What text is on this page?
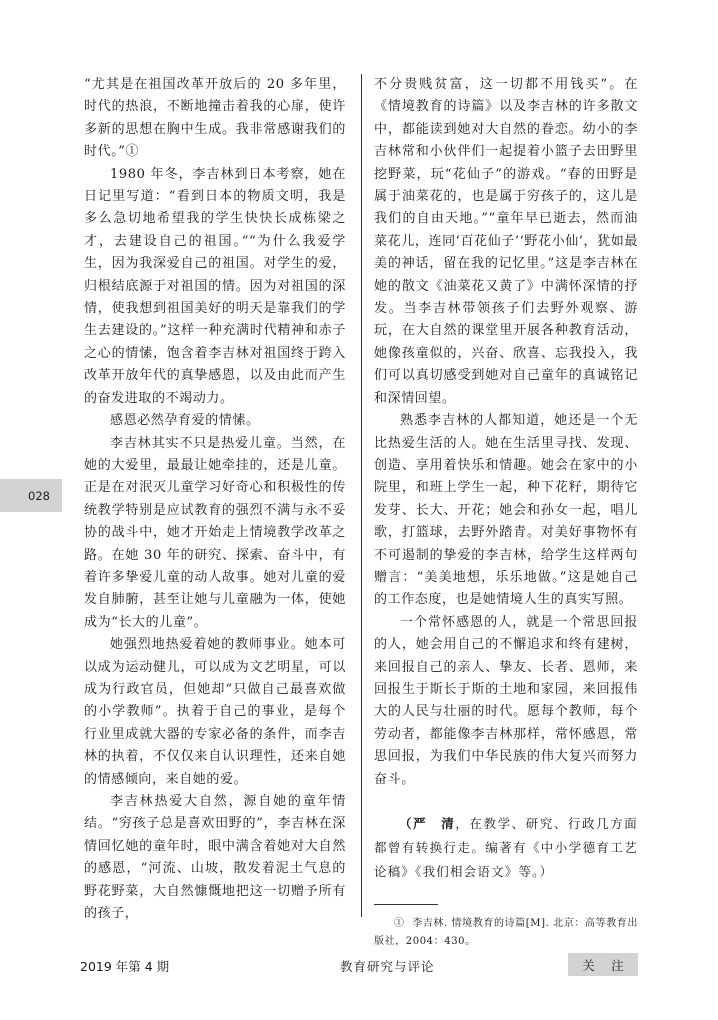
028

“尤其是在祖国改革开放后的 20 多年里，时代的热浪，不断地撞击着我的心扉，使许多新的思想在胸中生成。我非常感谢我们的时代。”①

1980 年冬，李吉林到日本考察，她在日记里写道：“看到日本的物质文明，我是多么急切地希望我的学生快快长成栋梁之才，去建设自己的祖国。”“为什么我爱学生，因为我深爱自己的祖国。对学生的爱，归根结底源于对祖国的情。因为对祖国的深情，使我想到祖国美好的明天是靠我们的学生去建设的。”这样一种充满时代精神和赤子之心的情愫，饱含着李吉林对祖国终于跨入改革开放年代的真挚感恩，以及由此而产生的奋发进取的不竭动力。

感恩必然孕育爱的情愫。

李吉林其实不只是热爱儿童。当然，在她的大爱里，最最让她牵挂的，还是儿童。正是在对泯灭儿童学习好奇心和积极性的传统教学特别是应试教育的强烈不满与永不妥协的战斗中，她才开始走上情境教学改革之路。在她 30 年的研究、探索、奋斗中，有着许多挚爱儿童的动人故事。她对儿童的爱发自肺腑，甚至让她与儿童融为一体，使她成为“长大的儿童”。

她强烈地热爱着她的教师事业。她本可以成为运动健儿，可以成为文艺明星，可以成为行政官员，但她却“只做自己最喜欢做的小学教师”。执着于自己的事业，是每个行业里成就大器的专家必备的条件，而李吉林的执着，不仅仅来自认识理性，还来自她的情感倾向，来自她的爱。

李吉林热爱大自然，源自她的童年情结。“穷孩子总是喜欢田野的”，李吉林在深情回忆她的童年时，眼中满含着她对大自然的感恩，“河流、山坡，散发着泥土气息的野花野菜，大自然慷慨地把这一切赠予所有的孩子，

不分贵贱贫富，这一切都不用钱买”。在《情境教育的诗篇》以及李吉林的许多散文中，都能读到她对大自然的眷恋。幼小的李吉林常和小伙伴们一起提着小篮子去田野里挖野菜，玩“花仙子”的游戏。“春的田野是属于油菜花的，也是属于穷孩子的，这儿是我们的自由天地。”“童年早已逝去，然而油菜花儿，连同‘百花仙子’‘野花小仙’，犹如最美的神话，留在我的记忆里。”这是李吉林在她的散文《油菜花又黄了》中满怀深情的抒发。当李吉林带领孩子们去野外观察、游玩，在大自然的课堂里开展各种教育活动，她像孩童似的，兴奋、欣喜、忘我投入，我们可以真切感受到她对自己童年的真诚铭记和深情回望。

熟悉李吉林的人都知道，她还是一个无比热爱生活的人。她在生活里寻找、发现、创造、享用着快乐和情趣。她会在家中的小院里，和班上学生一起，种下花籽，期待它发芽、长大、开花；她会和孙女一起，唱儿歌，打篮球，去野外踏青。对美好事物怀有不可遏制的挚爱的李吉林，给学生这样两句赠言：“美美地想，乐乐地做。”这是她自己的工作态度，也是她情境人生的真实写照。

一个常怀感恩的人，就是一个常思回报的人，她会用自己的不懈追求和终有建树，来回报自己的亲人、挚友、长者、恩师，来回报生于斯长于斯的土地和家园，来回报伟大的人民与壮丽的时代。愿每个教师，每个劳动者，都能像李吉林那样，常怀感恩，常思回报，为我们中华民族的伟大复兴而努力奋斗。

（严　清，在教学、研究、行政几方面都曾有转换行走。编著有《中小学德育工艺论稿》《我们相会语文》等。）

① 李吉林. 情境教育的诗篇[M]. 北京：高等教育出版社，2004：430。

2019 年第 4 期	教育研究与评论	关 注
